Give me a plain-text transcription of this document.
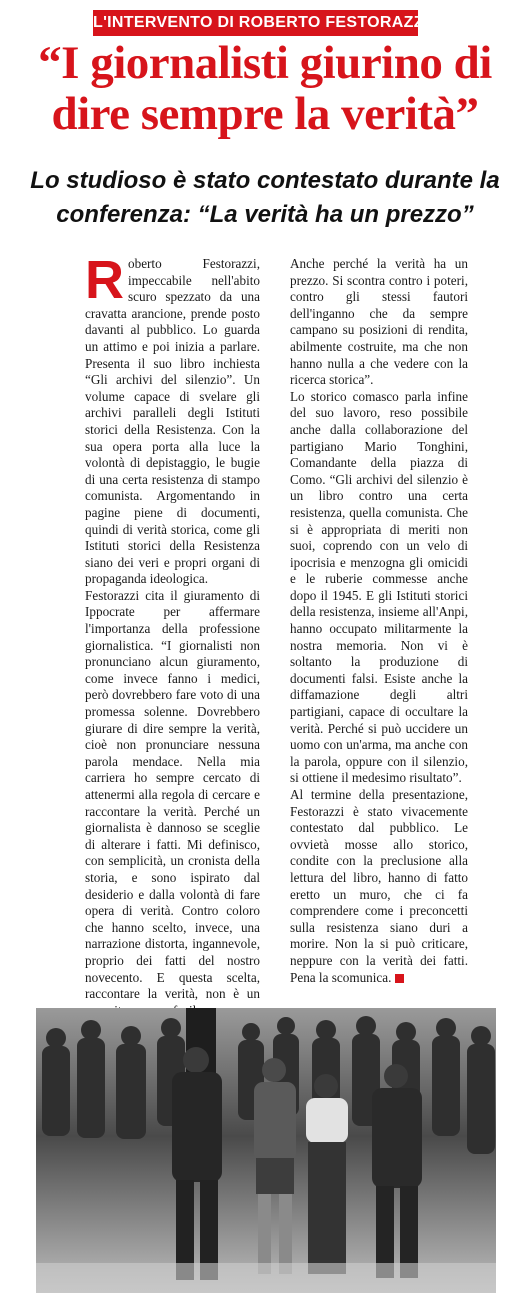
L'INTERVENTO DI ROBERTO FESTORAZZI
“I giornalisti giurino di dire sempre la verità”
Lo studioso è stato contestato durante la conferenza: “La verità ha un prezzo”

Roberto Festorazzi, impeccabile nell'abito scuro spezzato da una cravatta arancione, prende posto davanti al pubblico. Lo guarda un attimo e poi inizia a parlare. Presenta il suo libro inchiesta “Gli archivi del silenzio”. Un volume capace di svelare gli archivi paralleli degli Istituti storici della Resistenza. Con la sua opera porta alla luce la volontà di depistaggio, le bugie di una certa resistenza di stampo comunista. Argomentando in pagine piene di documenti, quindi di verità storica, come gli Istituti storici della Resistenza siano dei veri e propri organi di propaganda ideologica.

Festorazzi cita il giuramento di Ippocrate per affermare l'importanza della professione giornalistica. “I giornalisti non pronunciano alcun giuramento, come invece fanno i medici, però dovrebbero fare voto di una promessa solenne. Dovrebbero giurare di dire sempre la verità, cioè non pronunciare nessuna parola mendace. Nella mia carriera ho sempre cercato di attenermi alla regola di cercare e raccontare la verità. Perché un giornalista è dannoso se sceglie di alterare i fatti. Mi definisco, con semplicità, un cronista della storia, e sono ispirato dal desiderio e dalla volontà di fare opera di verità. Contro coloro che hanno scelto, invece, una narrazione distorta, ingannevole, proprio dei fatti del nostro novecento. E questa scelta, raccontare la verità, non è un

Anche perché la verità ha un prezzo. Si scontra contro i poteri, contro gli stessi fautori dell'inganno che da sempre campano su posizioni di rendita, abilmente costruite, ma che non hanno nulla a che vedere con la ricerca storica”.

Lo storico comasco parla infine del suo lavoro, reso possibile anche dalla collaborazione del partigiano Mario Tonghini, Comandante della piazza di Como. “Gli archivi del silenzio è un libro contro una certa resistenza, quella comunista. Che si è appropriata di meriti non suoi, coprendo con un velo di ipocrisia e menzogna gli omicidi e le ruberie commesse anche dopo il 1945. E gli Istituti storici della resistenza, insieme all'Anpi, hanno occupato militarmente la nostra memoria. Non vi è soltanto la produzione di documenti falsi. Esiste anche la diffamazione degli altri partigiani, capace di occultare la verità. Perché si può uccidere un uomo con un'arma, ma anche con la parola, oppure con il silenzio, si ottiene il medesimo risultato”.

Al termine della presentazione, Festorazzi è stato vivacemente contestato dal pubblico. Le ovvietà mosse allo storico, condite con la preclusione alla lettura del libro, hanno di fatto eretto un muro, che ci fa comprendere come i preconcetti sulla resistenza siano duri a morire. Non la si può criticare, neppure con la verità dei fatti. Pena la scomunica.
